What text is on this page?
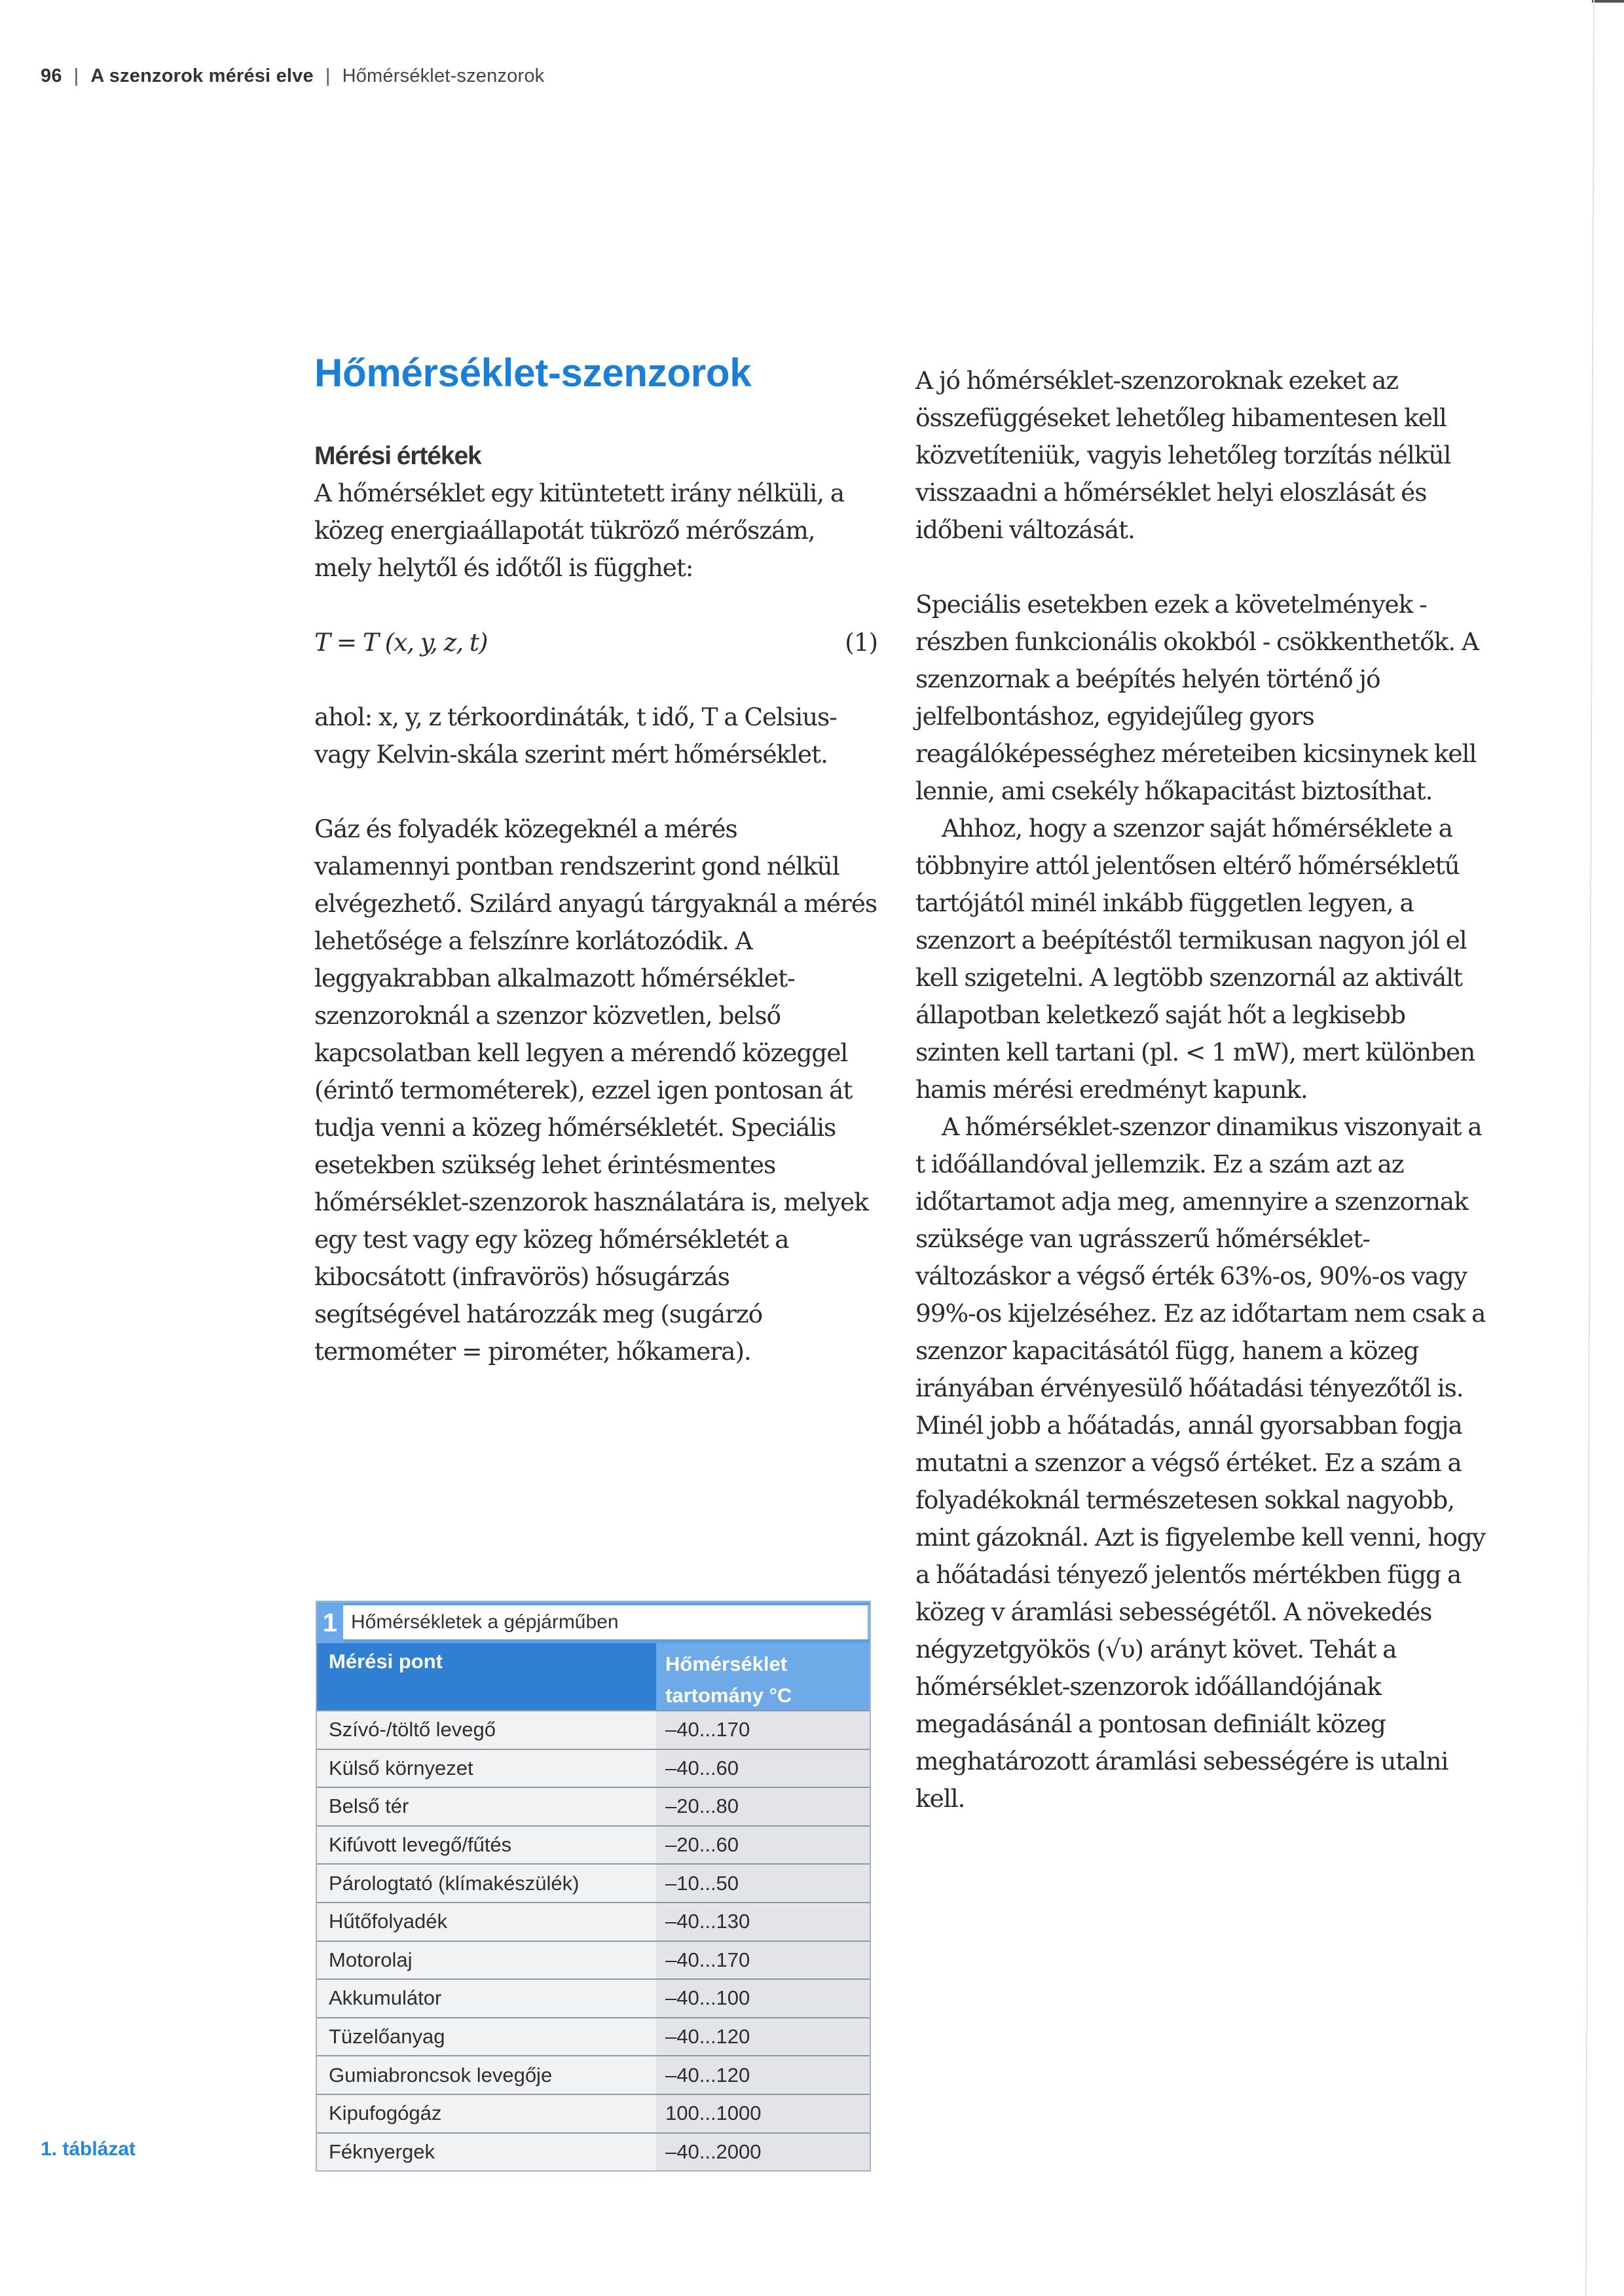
96 | A szenzorok mérési elve | Hőmérséklet-szenzorok
Hőmérséklet-szenzorok
Mérési értékek

A hőmérséklet egy kitüntetett irány nélküli, a közeg energiaállapotát tükröző mérőszám, mely helytől és időtől is függhet:

T = T (x, y, z, t)	(1)

ahol: x, y, z térkoordináták, t idő, T a Celsius- vagy Kelvin-skála szerint mért hőmérséklet.

Gáz és folyadék közegeknél a mérés valamennyi pontban rendszerint gond nélkül elvégezhető. Szilárd anyagú tárgyaknál a mérés lehetősége a felszínre korlátozódik. A leggyakrabban alkalmazott hőmérséklet-szenzoroknál a szenzor közvetlen, belső kapcsolatban kell legyen a mérendő közeggel (érintő termométerek), ezzel igen pontosan át tudja venni a közeg hőmérsékletét. Speciális esetekben szükség lehet érintésmentes hőmérséklet-szenzorok használatára is, melyek egy test vagy egy közeg hőmérsékletét a kibocsátott (infravörös) hősugárzás segítségével határozzák meg (sugárzó termométer = pirométer, hőkamera).

A jó hőmérséklet-szenzoroknak ezeket az összefüggéseket lehetőleg hibamentesen kell közvetíteniük, vagyis lehetőleg torzítás nélkül visszaadni a hőmérséklet helyi eloszlását és időbeni változását.

Speciális esetekben ezek a követelmények - részben funkcionális okokból - csökkenthetők. A szenzornak a beépítés helyén történő jó jelfelbontáshoz, egyidejűleg gyors reagálóképességhez méreteiben kicsinynek kell lennie, ami csekély hőkapacitást biztosíthat.

Ahhoz, hogy a szenzor saját hőmérséklete a többnyire attól jelentősen eltérő hőmérsékletű tartójától minél inkább független legyen, a szenzort a beépítéstől termikusan nagyon jól el kell szigetelni. A legtöbb szenzornál az aktivált állapotban keletkező saját hőt a legkisebb szinten kell tartani (pl. < 1 mW), mert különben hamis mérési eredményt kapunk.

A hőmérséklet-szenzor dinamikus viszonyait a t időállandóval jellemzik. Ez a szám azt az időtartamot adja meg, amennyire a szenzornak szüksége van ugrásszerű hőmérséklet-változáskor a végső érték 63%-os, 90%-os vagy 99%-os kijelzéséhez. Ez az időtartam nem csak a szenzor kapacitásától függ, hanem a közeg irányában érvényesülő hőátadási tényezőtől is. Minél jobb a hőátadás, annál gyorsabban fogja mutatni a szenzor a végső értéket. Ez a szám a folyadékoknál természetesen sokkal nagyobb, mint gázoknál. Azt is figyelembe kell venni, hogy a hőátadási tényező jelentős mértékben függ a közeg v áramlási sebességétől. A növekedés négyzetgyökös (√υ) arányt követ. Tehát a hőmérséklet-szenzorok időállandójának megadásánál a pontosan definiált közeg meghatározott áramlási sebességére is utalni kell.

1 Hőmérsékletek a gépjárműben
Mérési pont	Hőmérséklet
tartomány °C
Szívó-/töltő levegő	–40...170
Külső környezet	–40...60
Belső tér	–20...80
Kifúvott levegő/fűtés	–20...60
Párologtató (klímakészülék)	–10...50
Hűtőfolyadék	–40...130
Motorolaj	–40...170
Akkumulátor	–40...100
Tüzelőanyag	–40...120
Gumiabroncsok levegője	–40...120
Kipufogógáz	100...1000
Féknyergek	–40...2000
1. táblázat
